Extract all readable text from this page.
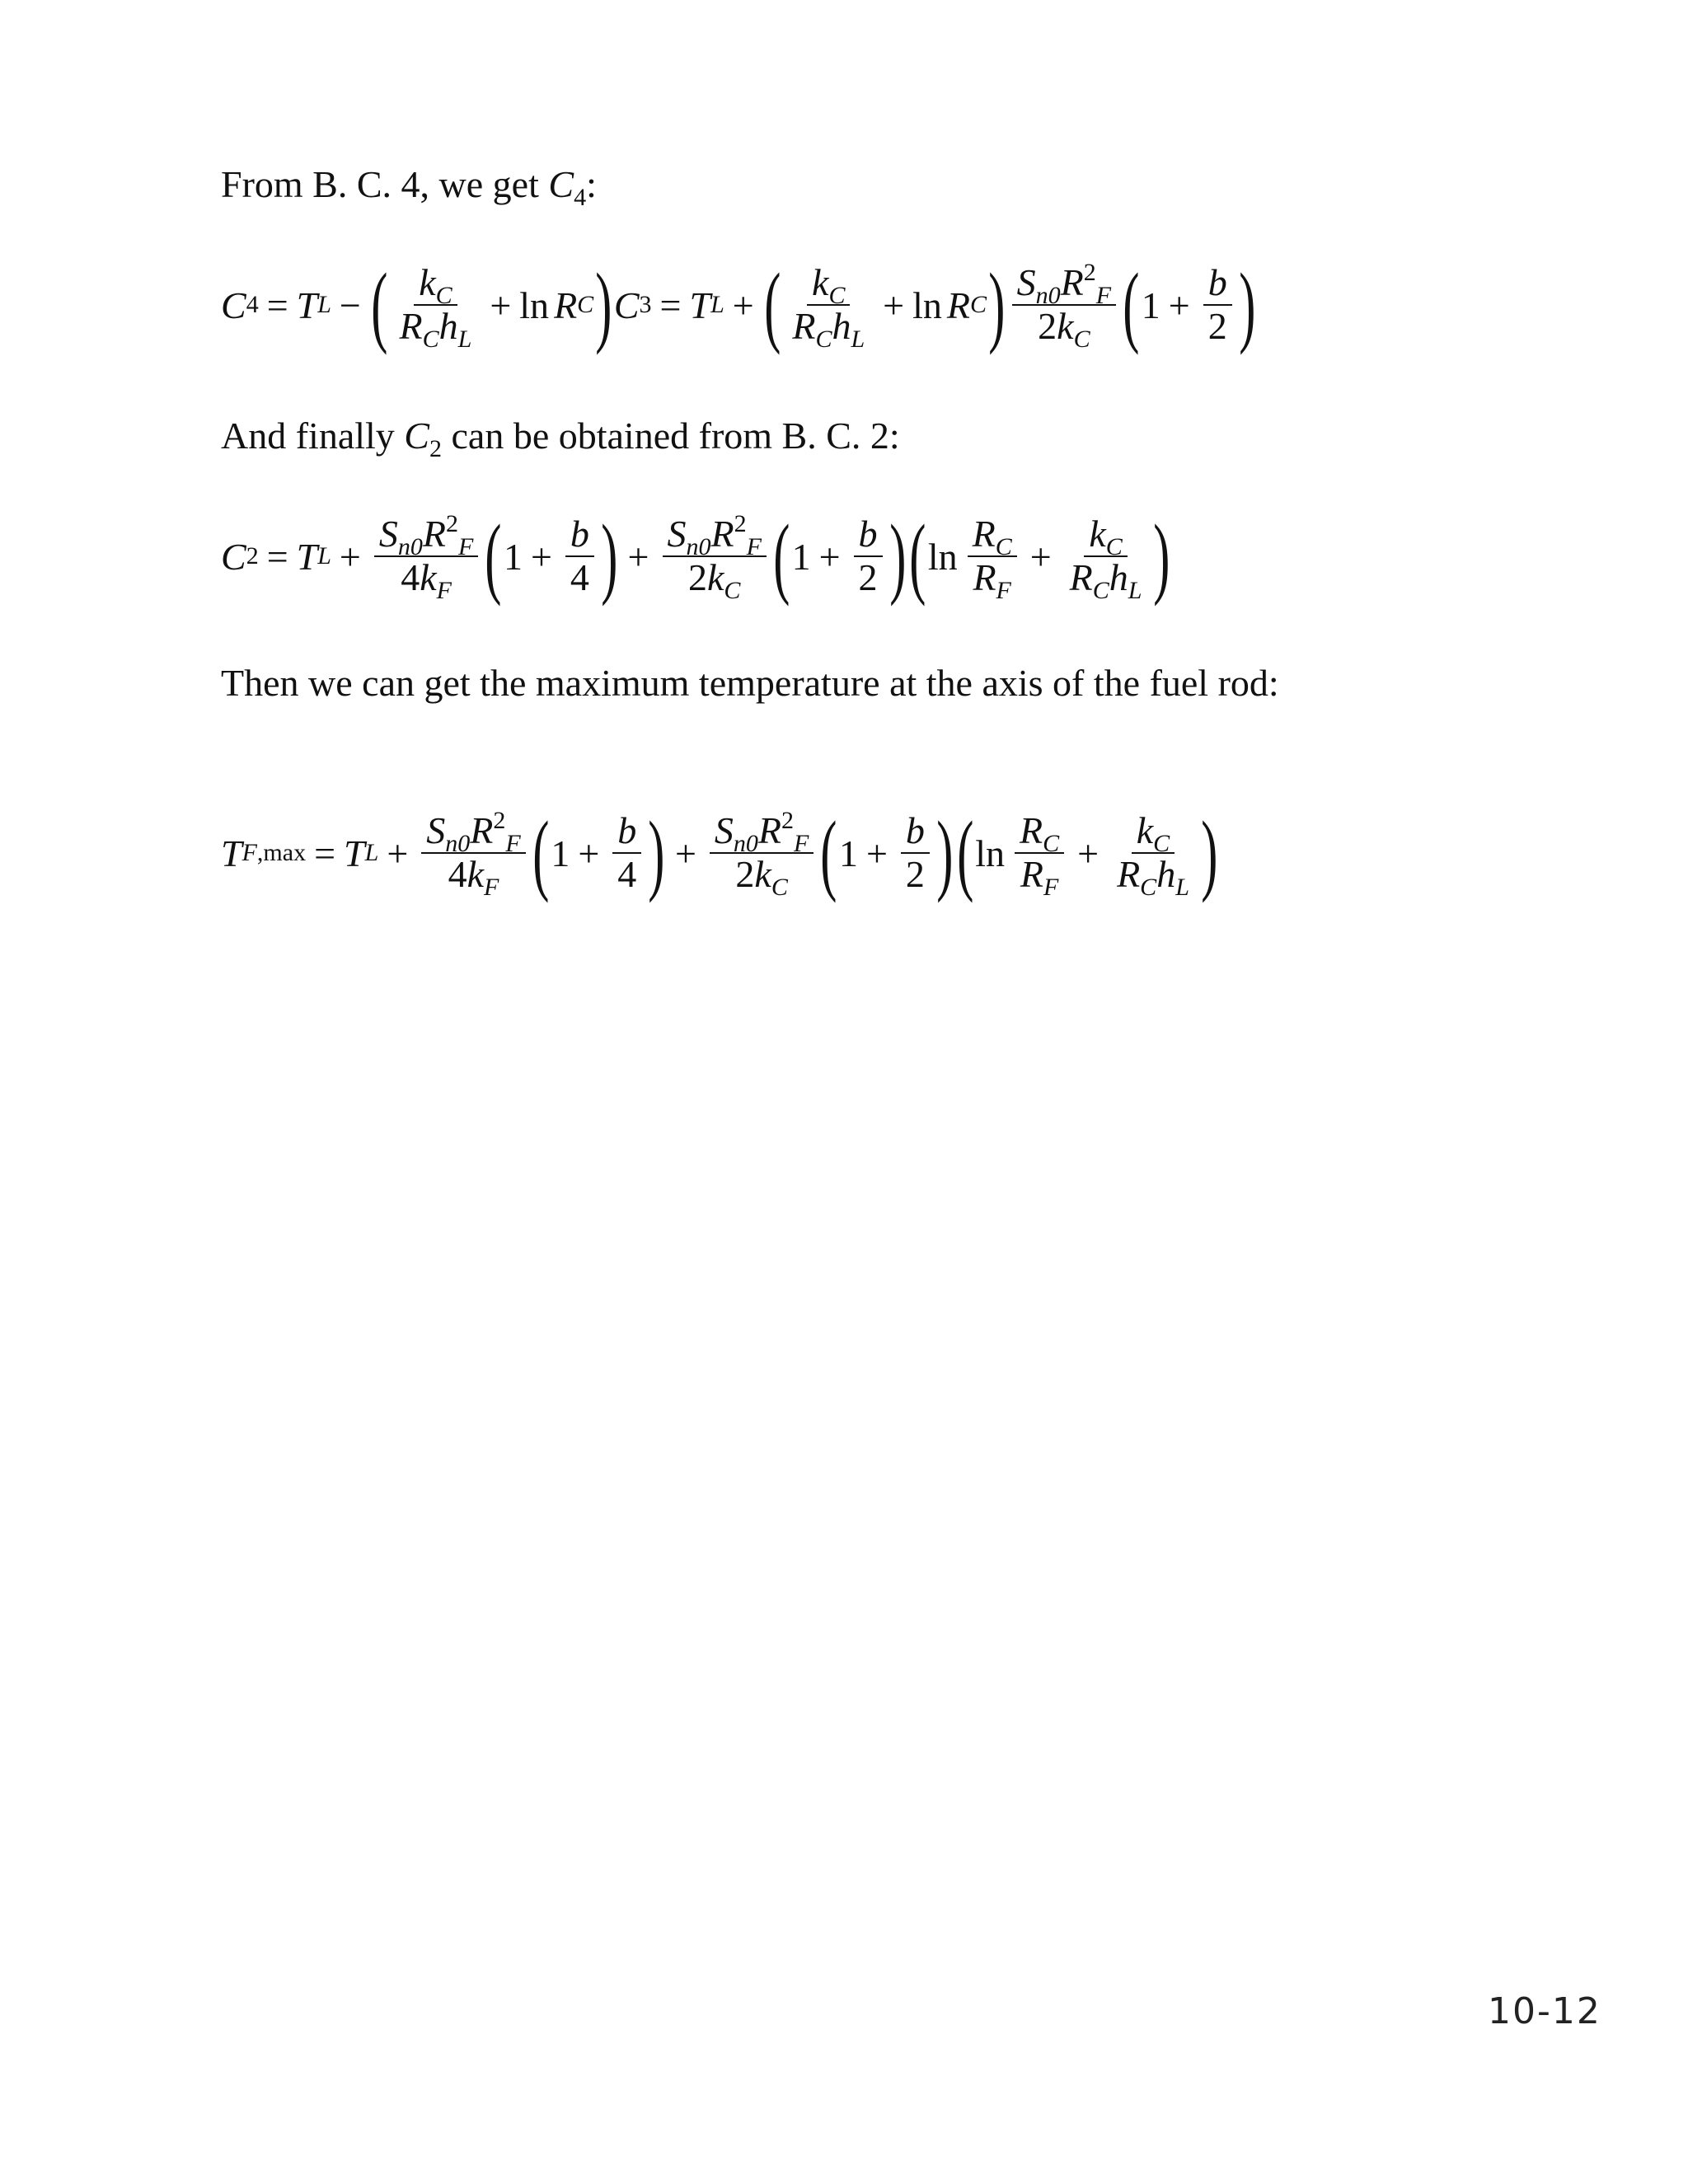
From B. C. 4, we get $C_4$:
C 4 = T L − ( $\frac{k_C}{R_Ch_L} + \ln R$ C ) C 3 = T L + ( $\frac{k_C}{R_Ch_L} + \ln R$ C ) $\frac{S_{n0}R^2_F}{2k_C}$ ( $1 + \frac{b}{2}$ )
And finally $C_2$ can be obtained from B. C. 2:
C 2 = T $L + \frac{S_{n0}R^2_F}{4k_F}$ ( $1 + \frac{b}{4}$ ) + $\frac{S_{n0}R^2_F}{2k_C}$ ( $1 + \frac{b}{2}$ ) ( $\ln \frac{R_C}{R_F} + \frac{k_C}{R_Ch_L}$ )
Then we can get the maximum temperature at the axis of the fuel rod:
T F,max = T $L + \frac{S_{n0}R^2_F}{4k_F}$ ( $1 + \frac{b}{4}$ ) + $\frac{S_{n0}R^2_F}{2k_C}$ ( $1 + \frac{b}{2}$ ) ( $\ln \frac{R_C}{R_F} + \frac{k_C}{R_Ch_L}$ )
10-12
